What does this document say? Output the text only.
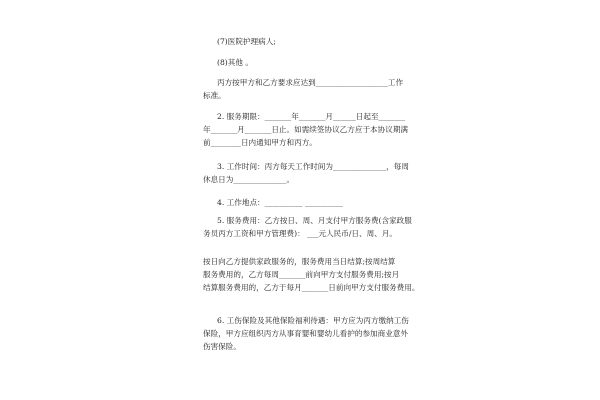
(7)医院护理病人;
(8)其他 。
丙方按甲方和乙方要求应达到___________________工作
标准。
2. 服务期限：_______年_______月______日起至_______
年_______月_______日止。如需续签协议乙方应于本协议期满
前________日内通知甲方和丙方。
3. 工作时间：丙方每天工作时间为______________，每周
休息日为______________。
4. 工作地点：__________ __________
5. 服务费用：乙方按日、周、月支付甲方服务费(含家政服
务员丙方工资和甲方管理费)： ___元人民币/日、周、月。
按日向乙方提供家政服务的，服务费用当日结算;按周结算
服务费用的，乙方每周_______前向甲方支付服务费用;按月
结算服务费用的，乙方于每月_______日前向甲方支付服务费用。
6. 工伤保险及其他保险福利待遇：甲方应为丙方缴纳工伤
保险，甲方应组织丙方从事育婴和婴幼儿看护的参加商业意外
伤害保险。
